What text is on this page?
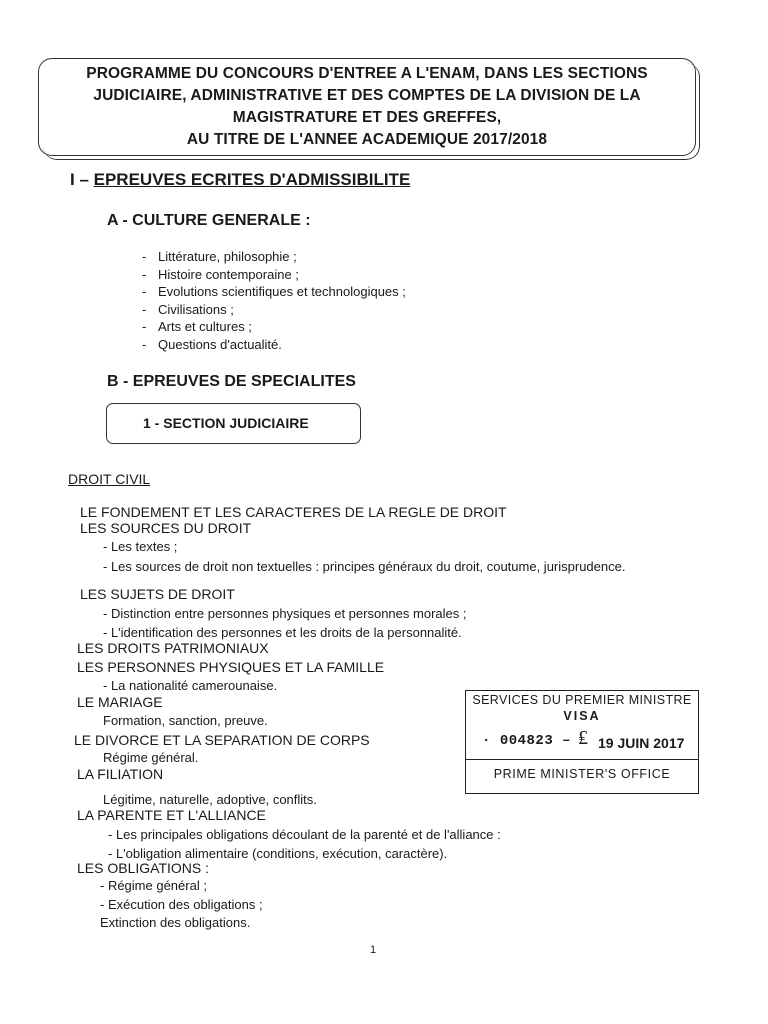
PROGRAMME DU CONCOURS D'ENTREE A L'ENAM, DANS LES SECTIONS
JUDICIAIRE, ADMINISTRATIVE ET DES COMPTES DE LA DIVISION DE LA
MAGISTRATURE ET DES GREFFES,
AU TITRE DE L'ANNEE ACADEMIQUE 2017/2018
I – EPREUVES ECRITES D'ADMISSIBILITE
A - CULTURE GENERALE :
- Littérature, philosophie ;
- Histoire contemporaine ;
- Evolutions scientifiques et technologiques ;
- Civilisations ;
- Arts et cultures ;
- Questions d'actualité.
B - EPREUVES DE SPECIALITES
1 - SECTION JUDICIAIRE
DROIT CIVIL
LE FONDEMENT ET LES CARACTERES DE LA REGLE DE DROIT
LES SOURCES DU DROIT
- Les textes ;
- Les sources de droit non textuelles : principes généraux du droit, coutume, jurisprudence.
LES SUJETS DE DROIT
- Distinction entre personnes physiques et personnes morales ;
- L'identification des personnes et les droits de la personnalité.
LES DROITS PATRIMONIAUX
LES PERSONNES PHYSIQUES ET LA FAMILLE
- La nationalité camerounaise.
LE MARIAGE
Formation, sanction, preuve.
LE DIVORCE ET LA SEPARATION DE CORPS
Régime général.
LA FILIATION
Légitime, naturelle, adoptive, conflits.
LA PARENTE ET L'ALLIANCE
- Les principales obligations découlant de la parenté et de l'alliance :
- L'obligation alimentaire (conditions, exécution, caractère).
LES OBLIGATIONS :
- Régime général ;
- Exécution des obligations ;
Extinction des obligations.
SERVICES DU PREMIER MINISTRE
VISA
· 004823 – ₤ 19 JUIN 2017
PRIME MINISTER'S OFFICE
1
